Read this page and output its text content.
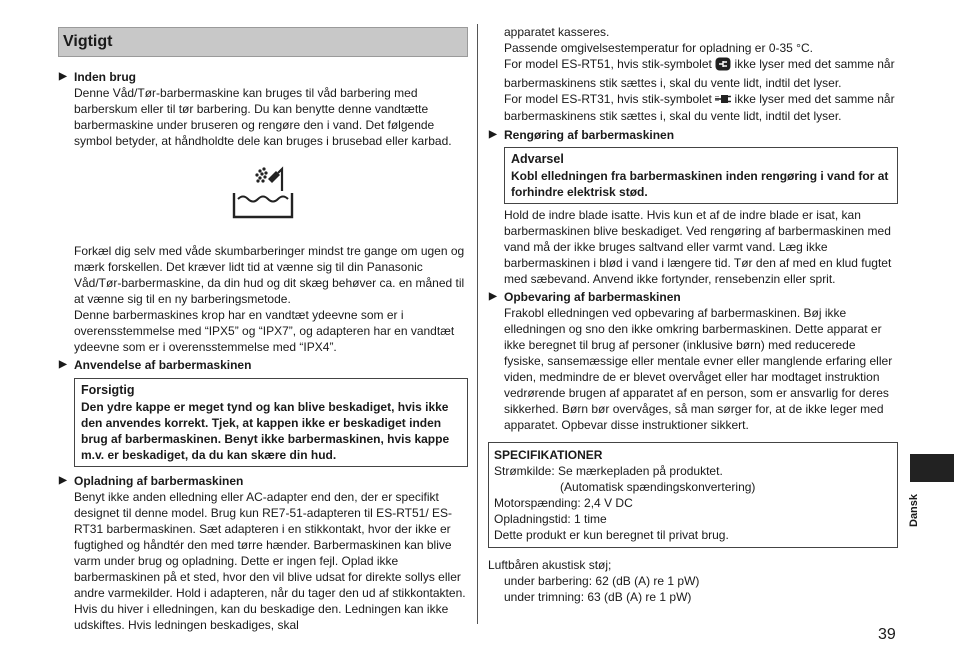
Vigtigt
▶ Inden brug

Denne Våd/Tør-barbermaskine kan bruges til våd barbering med barberskum eller til tør barbering. Du kan benytte denne vandtætte barbermaskine under bruseren og rengøre den i vand. Det følgende symbol betyder, at håndholdte dele kan bruges i brusebad eller karbad.

Forkæl dig selv med våde skumbarberinger mindst tre gange om ugen og mærk forskellen. Det kræver lidt tid at vænne sig til din Panasonic Våd/Tør-barbermaskine, da din hud og dit skæg behøver ca. en måned til at vænne sig til en ny barberingsmetode.

Denne barbermaskines krop har en vandtæt ydeevne som er i overensstemmelse med “IPX5” og “IPX7”, og adapteren har en vandtæt ydeevne som er i overensstemmelse med “IPX4”.

▶ Anvendelse af barbermaskinen
Forsigtig
Den ydre kappe er meget tynd og kan blive beskadiget, hvis ikke den anvendes korrekt. Tjek, at kappen ikke er beskadiget inden brug af barbermaskinen. Benyt ikke barbermaskinen, hvis kappe m.v. er beskadiget, da du kan skære din hud.
▶ Opladning af barbermaskinen

Benyt ikke anden elledning eller AC-adapter end den, der er specifikt designet til denne model. Brug kun RE7-51-adapteren til ES-RT51/ ES-RT31 barbermaskinen. Sæt adapteren i en stikkontakt, hvor der ikke er fugtighed og håndtér den med tørre hænder. Barbermaskinen kan blive varm under brug og opladning. Dette er ingen fejl. Oplad ikke barbermaskinen på et sted, hvor den vil blive udsat for direkte sollys eller andre varmekilder. Hold i adapteren, når du tager den ud af stikkontakten. Hvis du hiver i elledningen, kan du beskadige den. Ledningen kan ikke udskiftes. Hvis ledningen beskadiges, skal

apparatet kasseres.

Passende omgivelsestemperatur for opladning er 0-35 °C.

For model ES-RT51, hvis stik-symbolet ikke lyser med det samme når barbermaskinens stik sættes i, skal du vente lidt, indtil det lyser.

For model ES-RT31, hvis stik-symbolet ikke lyser med det samme når barbermaskinens stik sættes i, skal du vente lidt, indtil det lyser.

▶ Rengøring af barbermaskinen
Advarsel
Kobl elledningen fra barbermaskinen inden rengøring i vand for at forhindre elektrisk stød.

Hold de indre blade isatte. Hvis kun et af de indre blade er isat, kan barbermaskinen blive beskadiget. Ved rengøring af barbermaskinen med vand må der ikke bruges saltvand eller varmt vand. Læg ikke barbermaskinen i blød i vand i længere tid. Tør den af med en klud fugtet med sæbevand. Anvend ikke fortynder, rensebenzin eller sprit.

▶ Opbevaring af barbermaskinen

Frakobl elledningen ved opbevaring af barbermaskinen. Bøj ikke elledningen og sno den ikke omkring barbermaskinen. Dette apparat er ikke beregnet til brug af personer (inklusive børn) med reducerede fysiske, sansemæssige eller mentale evner eller manglende erfaring eller viden, medmindre de er blevet overvåget eller har modtaget instruktion vedrørende brugen af apparatet af en person, som er ansvarlig for deres sikkerhed. Børn bør overvåges, så man sørger for, at de ikke leger med apparatet. Opbevar disse instruktioner sikkert.

SPECIFIKATIONER
Strømkilde: Se mærkepladen på produktet.
(Automatisk spændingskonvertering)
Motorspænding: 2,4 V DC
Opladningstid: 1 time
Dette produkt er kun beregnet til privat brug.
Luftbåren akustisk støj;
under barbering: 62 (dB (A) re 1 pW)
under trimning: 63 (dB (A) re 1 pW)
Dansk
39
